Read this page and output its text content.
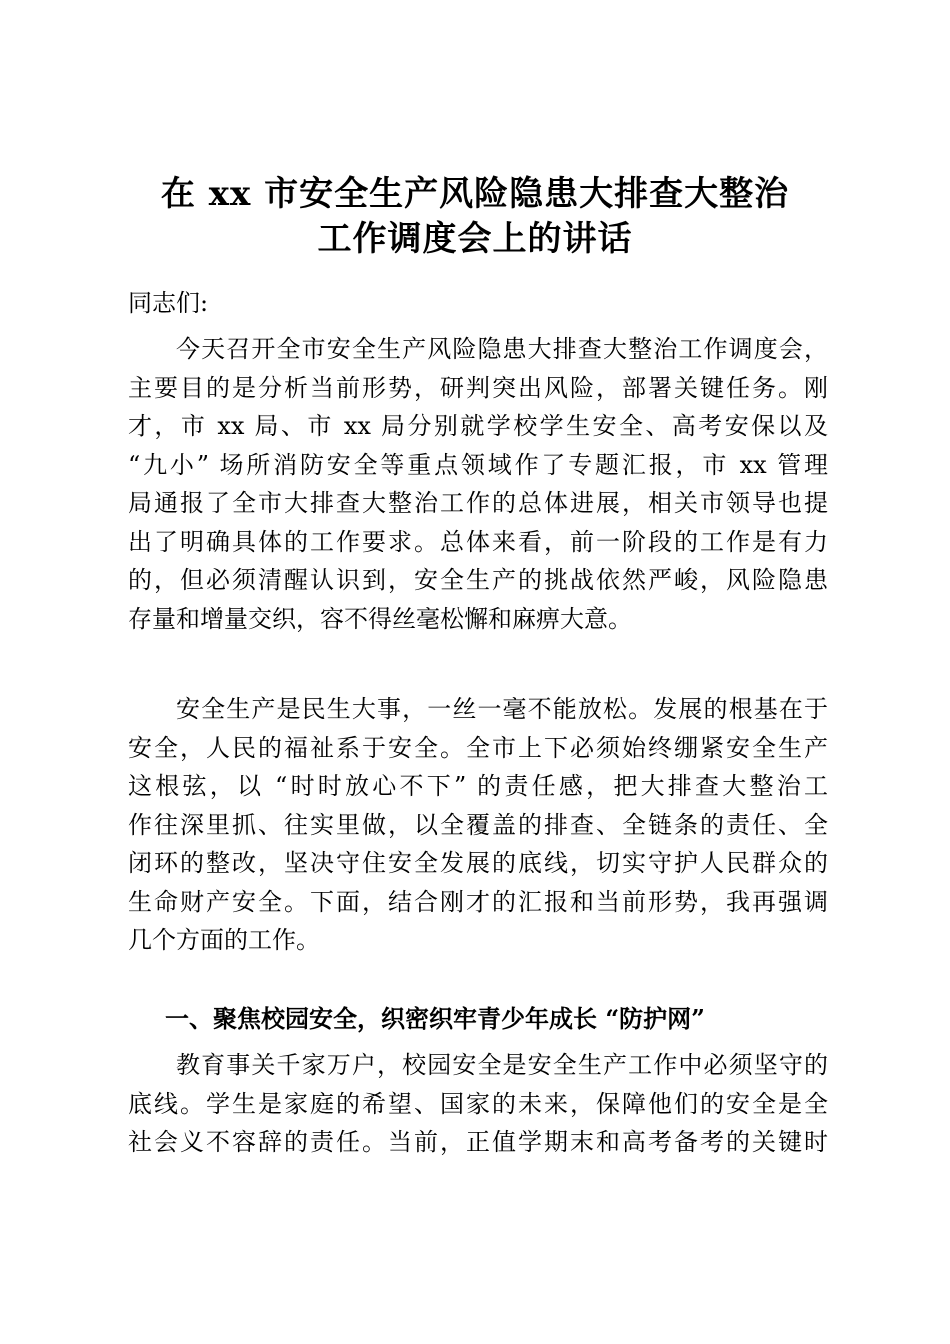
在 xx 市安全生产风险隐患大排查大整治
工作调度会上的讲话
同志们:
今天召开全市安全生产风险隐患大排查大整治工作调度会，
主要目的是分析当前形势，研判突出风险，部署关键任务。刚
才，市 xx 局、市 xx 局分别就学校学生安全、高考安保以及
“九小” 场所消防安全等重点领域作了专题汇报，市 xx 管理
局通报了全市大排查大整治工作的总体进展，相关市领导也提
出了明确具体的工作要求。总体来看，前一阶段的工作是有力
的，但必须清醒认识到，安全生产的挑战依然严峻，风险隐患
存量和增量交织，容不得丝毫松懈和麻痹大意。
安全生产是民生大事，一丝一毫不能放松。发展的根基在于
安全，人民的福祉系于安全。全市上下必须始终绷紧安全生产
这根弦，以 “时时放心不下” 的责任感，把大排查大整治工
作往深里抓、往实里做，以全覆盖的排查、全链条的责任、全
闭环的整改，坚决守住安全发展的底线，切实守护人民群众的
生命财产安全。下面，结合刚才的汇报和当前形势，我再强调
几个方面的工作。
一、聚焦校园安全，织密织牢青少年成长 “防护网”
教育事关千家万户，校园安全是安全生产工作中必须坚守的
底线。学生是家庭的希望、国家的未来，保障他们的安全是全
社会义不容辞的责任。当前，正值学期末和高考备考的关键时
